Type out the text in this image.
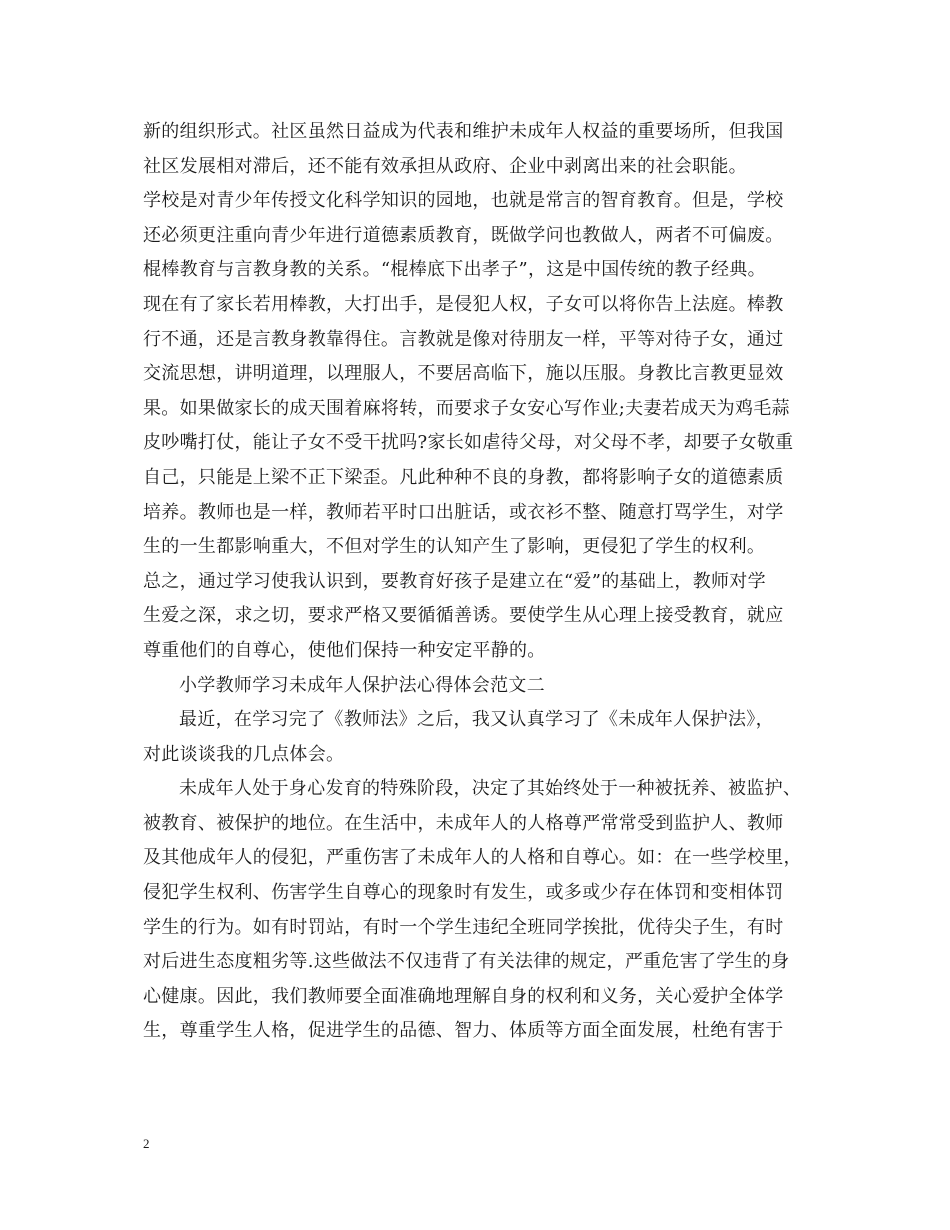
新的组织形式。社区虽然日益成为代表和维护未成年人权益的重要场所，但我国
社区发展相对滞后，还不能有效承担从政府、企业中剥离出来的社会职能。
学校是对青少年传授文化科学知识的园地，也就是常言的智育教育。但是，学校
还必须更注重向青少年进行道德素质教育，既做学问也教做人，两者不可偏废。
棍棒教育与言教身教的关系。“棍棒底下出孝子”，这是中国传统的教子经典。
现在有了家长若用棒教，大打出手，是侵犯人权，子女可以将你告上法庭。棒教
行不通，还是言教身教靠得住。言教就是像对待朋友一样，平等对待子女，通过
交流思想，讲明道理，以理服人，不要居高临下，施以压服。身教比言教更显效
果。如果做家长的成天围着麻将转，而要求子女安心写作业;夫妻若成天为鸡毛蒜
皮吵嘴打仗，能让子女不受干扰吗?家长如虐待父母，对父母不孝，却要子女敬重
自己，只能是上梁不正下梁歪。凡此种种不良的身教，都将影响子女的道德素质
培养。教师也是一样，教师若平时口出脏话，或衣衫不整、随意打骂学生，对学
生的一生都影响重大，不但对学生的认知产生了影响，更侵犯了学生的权利。
总之，通过学习使我认识到，要教育好孩子是建立在“爱”的基础上，教师对学
生爱之深，求之切，要求严格又要循循善诱。要使学生从心理上接受教育，就应
尊重他们的自尊心，使他们保持一种安定平静的。
小学教师学习未成年人保护法心得体会范文二
最近，在学习完了《教师法》之后，我又认真学习了《未成年人保护法》，
对此谈谈我的几点体会。
未成年人处于身心发育的特殊阶段，决定了其始终处于一种被抚养、被监护、
被教育、被保护的地位。在生活中，未成年人的人格尊严常常受到监护人、教师
及其他成年人的侵犯，严重伤害了未成年人的人格和自尊心。如：在一些学校里，
侵犯学生权利、伤害学生自尊心的现象时有发生，或多或少存在体罚和变相体罚
学生的行为。如有时罚站，有时一个学生违纪全班同学挨批，优待尖子生，有时
对后进生态度粗劣等.这些做法不仅违背了有关法律的规定，严重危害了学生的身
心健康。因此，我们教师要全面准确地理解自身的权利和义务，关心爱护全体学
生，尊重学生人格，促进学生的品德、智力、体质等方面全面发展，杜绝有害于
2
